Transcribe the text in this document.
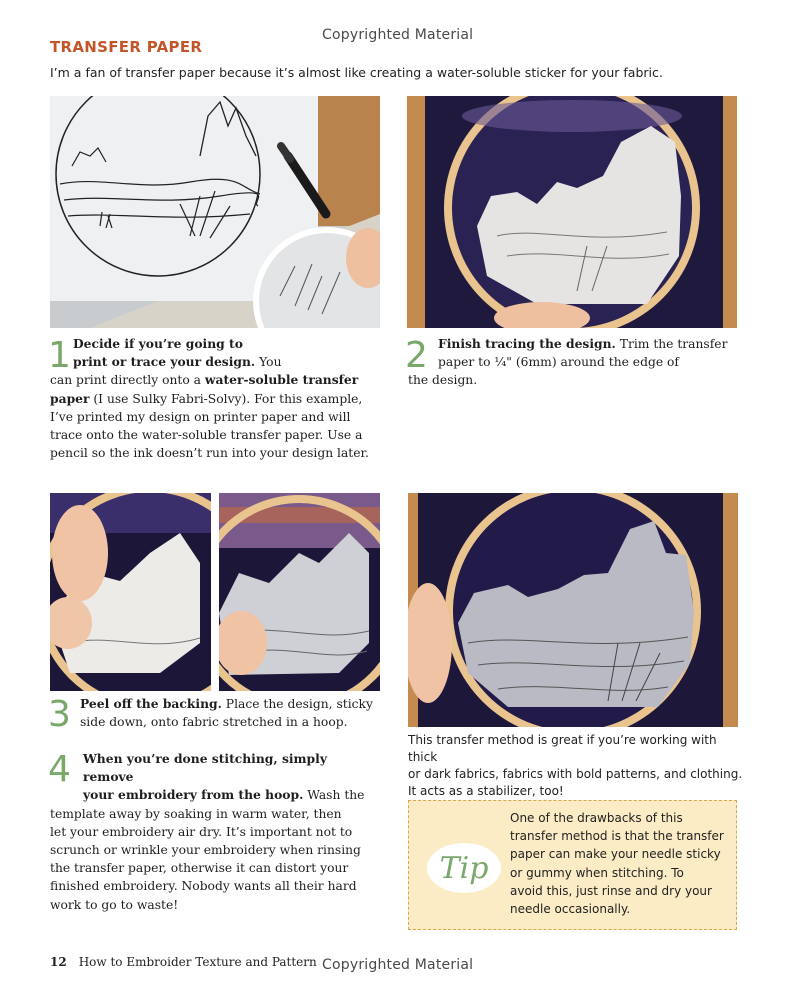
Copyrighted Material
TRANSFER PAPER
I’m a fan of transfer paper because it’s almost like creating a water-soluble sticker for your fabric.
1 Decide if you’re going to

print or trace your design. You

can print directly onto a water-soluble transfer

paper (I use Sulky Fabri-Solvy). For this example,

I’ve printed my design on printer paper and will

trace onto the water-soluble transfer paper. Use a

pencil so the ink doesn’t run into your design later.

2 Finish tracing the design. Trim the transfer

paper to ¼" (6mm) around the edge of

the design.

3 Peel off the backing. Place the design, sticky

side down, onto fabric stretched in a hoop.

4 When you’re done stitching, simply remove

your embroidery from the hoop. Wash the

template away by soaking in warm water, then

let your embroidery air dry. It’s important not to

scrunch or wrinkle your embroidery when rinsing

the transfer paper, otherwise it can distort your

finished embroidery. Nobody wants all their hard

work to go to waste!

This transfer method is great if you’re working with thick
or dark fabrics, fabrics with bold patterns, and clothing.
It acts as a stabilizer, too!
Tip
One of the drawbacks of this
transfer method is that the transfer
paper can make your needle sticky
or gummy when stitching. To
avoid this, just rinse and dry your
needle occasionally.
12 How to Embroider Texture and Pattern Copyrighted Material
